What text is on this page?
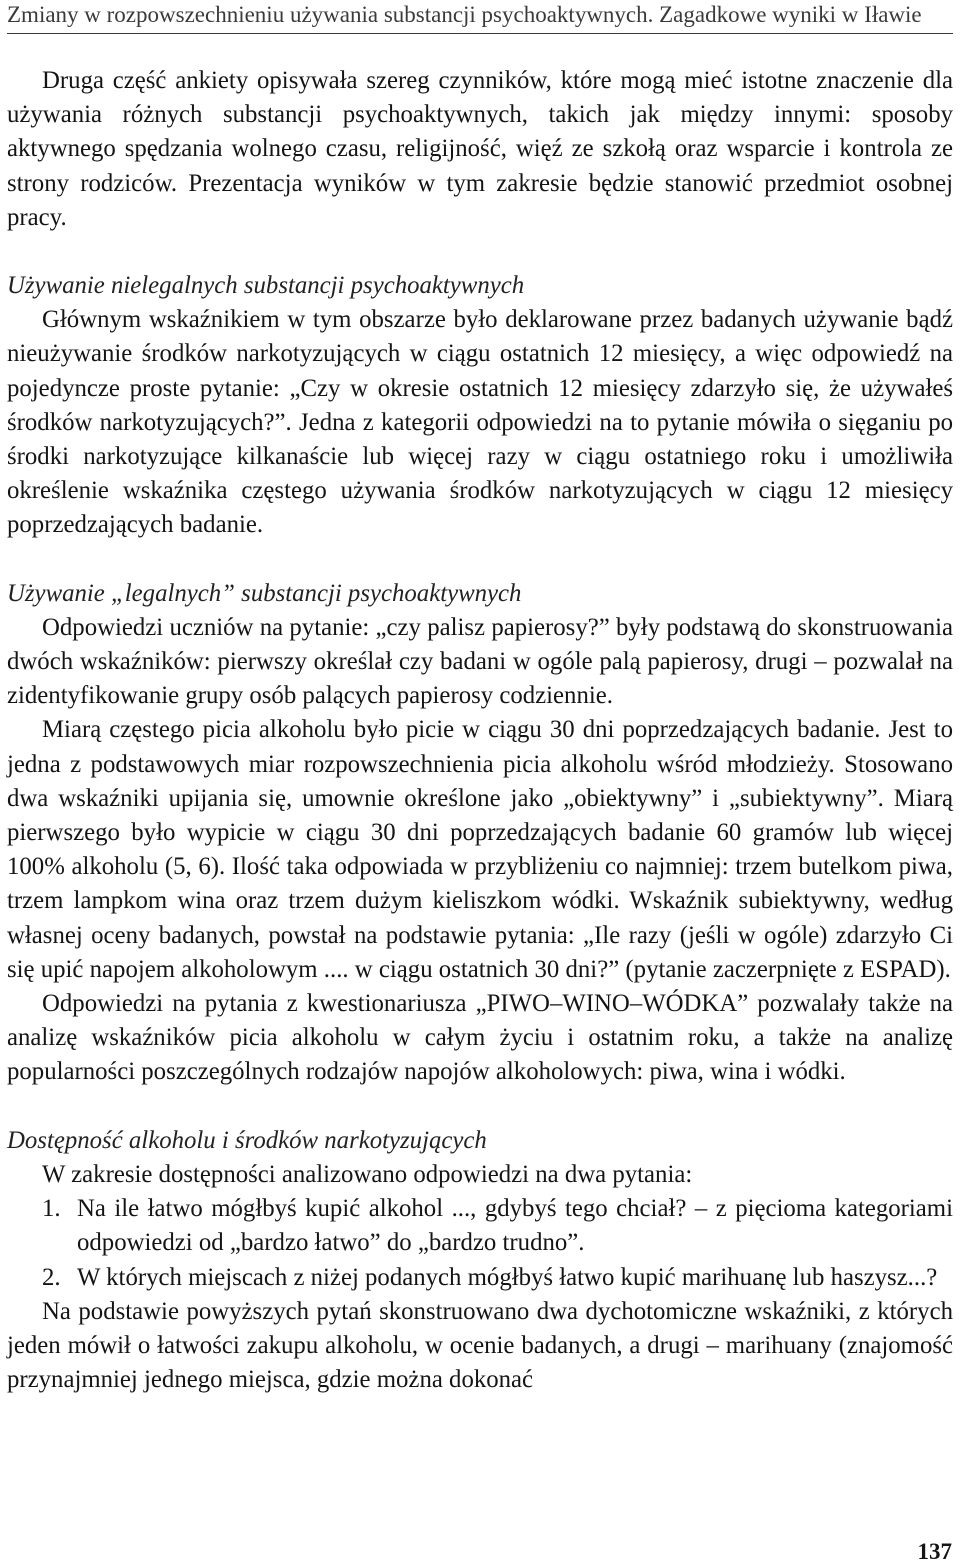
Zmiany w rozpowszechnieniu używania substancji psychoaktywnych. Zagadkowe wyniki w Iławie

Druga część ankiety opisywała szereg czynników, które mogą mieć istotne znaczenie dla używania różnych substancji psychoaktywnych, takich jak między innymi: sposoby aktywnego spędzania wolnego czasu, religijność, więź ze szkołą oraz wsparcie i kontrola ze strony rodziców. Prezentacja wyników w tym zakresie będzie stanowić przedmiot osobnej pracy.

Używanie nielegalnych substancji psychoaktywnych

Głównym wskaźnikiem w tym obszarze było deklarowane przez badanych używanie bądź nieużywanie środków narkotyzujących w ciągu ostatnich 12 miesięcy, a więc odpowiedź na pojedyncze proste pytanie: „Czy w okresie ostatnich 12 miesięcy zdarzyło się, że używałeś środków narkotyzujących?”. Jedna z kategorii odpowiedzi na to pytanie mówiła o sięganiu po środki narkotyzujące kilkanaście lub więcej razy w ciągu ostatniego roku i umożliwiła określenie wskaźnika częstego używania środków narkotyzujących w ciągu 12 miesięcy poprzedzających badanie.

Używanie „legalnych” substancji psychoaktywnych

Odpowiedzi uczniów na pytanie: „czy palisz papierosy?” były podstawą do skonstruowania dwóch wskaźników: pierwszy określał czy badani w ogóle palą papierosy, drugi – pozwalał na zidentyfikowanie grupy osób palących papierosy codziennie.

Miarą częstego picia alkoholu było picie w ciągu 30 dni poprzedzających badanie. Jest to jedna z podstawowych miar rozpowszechnienia picia alkoholu wśród młodzieży. Stosowano dwa wskaźniki upijania się, umownie określone jako „obiektywny” i „subiektywny”. Miarą pierwszego było wypicie w ciągu 30 dni poprzedzających badanie 60 gramów lub więcej 100% alkoholu (5, 6). Ilość taka odpowiada w przybliżeniu co najmniej: trzem butelkom piwa, trzem lampkom wina oraz trzem dużym kieliszkom wódki. Wskaźnik subiektywny, według własnej oceny badanych, powstał na podstawie pytania: „Ile razy (jeśli w ogóle) zdarzyło Ci się upić napojem alkoholowym .... w ciągu ostatnich 30 dni?” (pytanie zaczerpnięte z ESPAD).

Odpowiedzi na pytania z kwestionariusza „PIWO–WINO–WÓDKA” pozwalały także na analizę wskaźników picia alkoholu w całym życiu i ostatnim roku, a także na analizę popularności poszczególnych rodzajów napojów alkoholowych: piwa, wina i wódki.

Dostępność alkoholu i środków narkotyzujących

W zakresie dostępności analizowano odpowiedzi na dwa pytania:

1. Na ile łatwo mógłbyś kupić alkohol ..., gdybyś tego chciał? – z pięcioma kategoriami odpowiedzi od „bardzo łatwo” do „bardzo trudno”.
2. W których miejscach z niżej podanych mógłbyś łatwo kupić marihuanę lub haszysz...?

Na podstawie powyższych pytań skonstruowano dwa dychotomiczne wskaźniki, z których jeden mówił o łatwości zakupu alkoholu, w ocenie badanych, a drugi – marihuany (znajomość przynajmniej jednego miejsca, gdzie można dokonać

137
